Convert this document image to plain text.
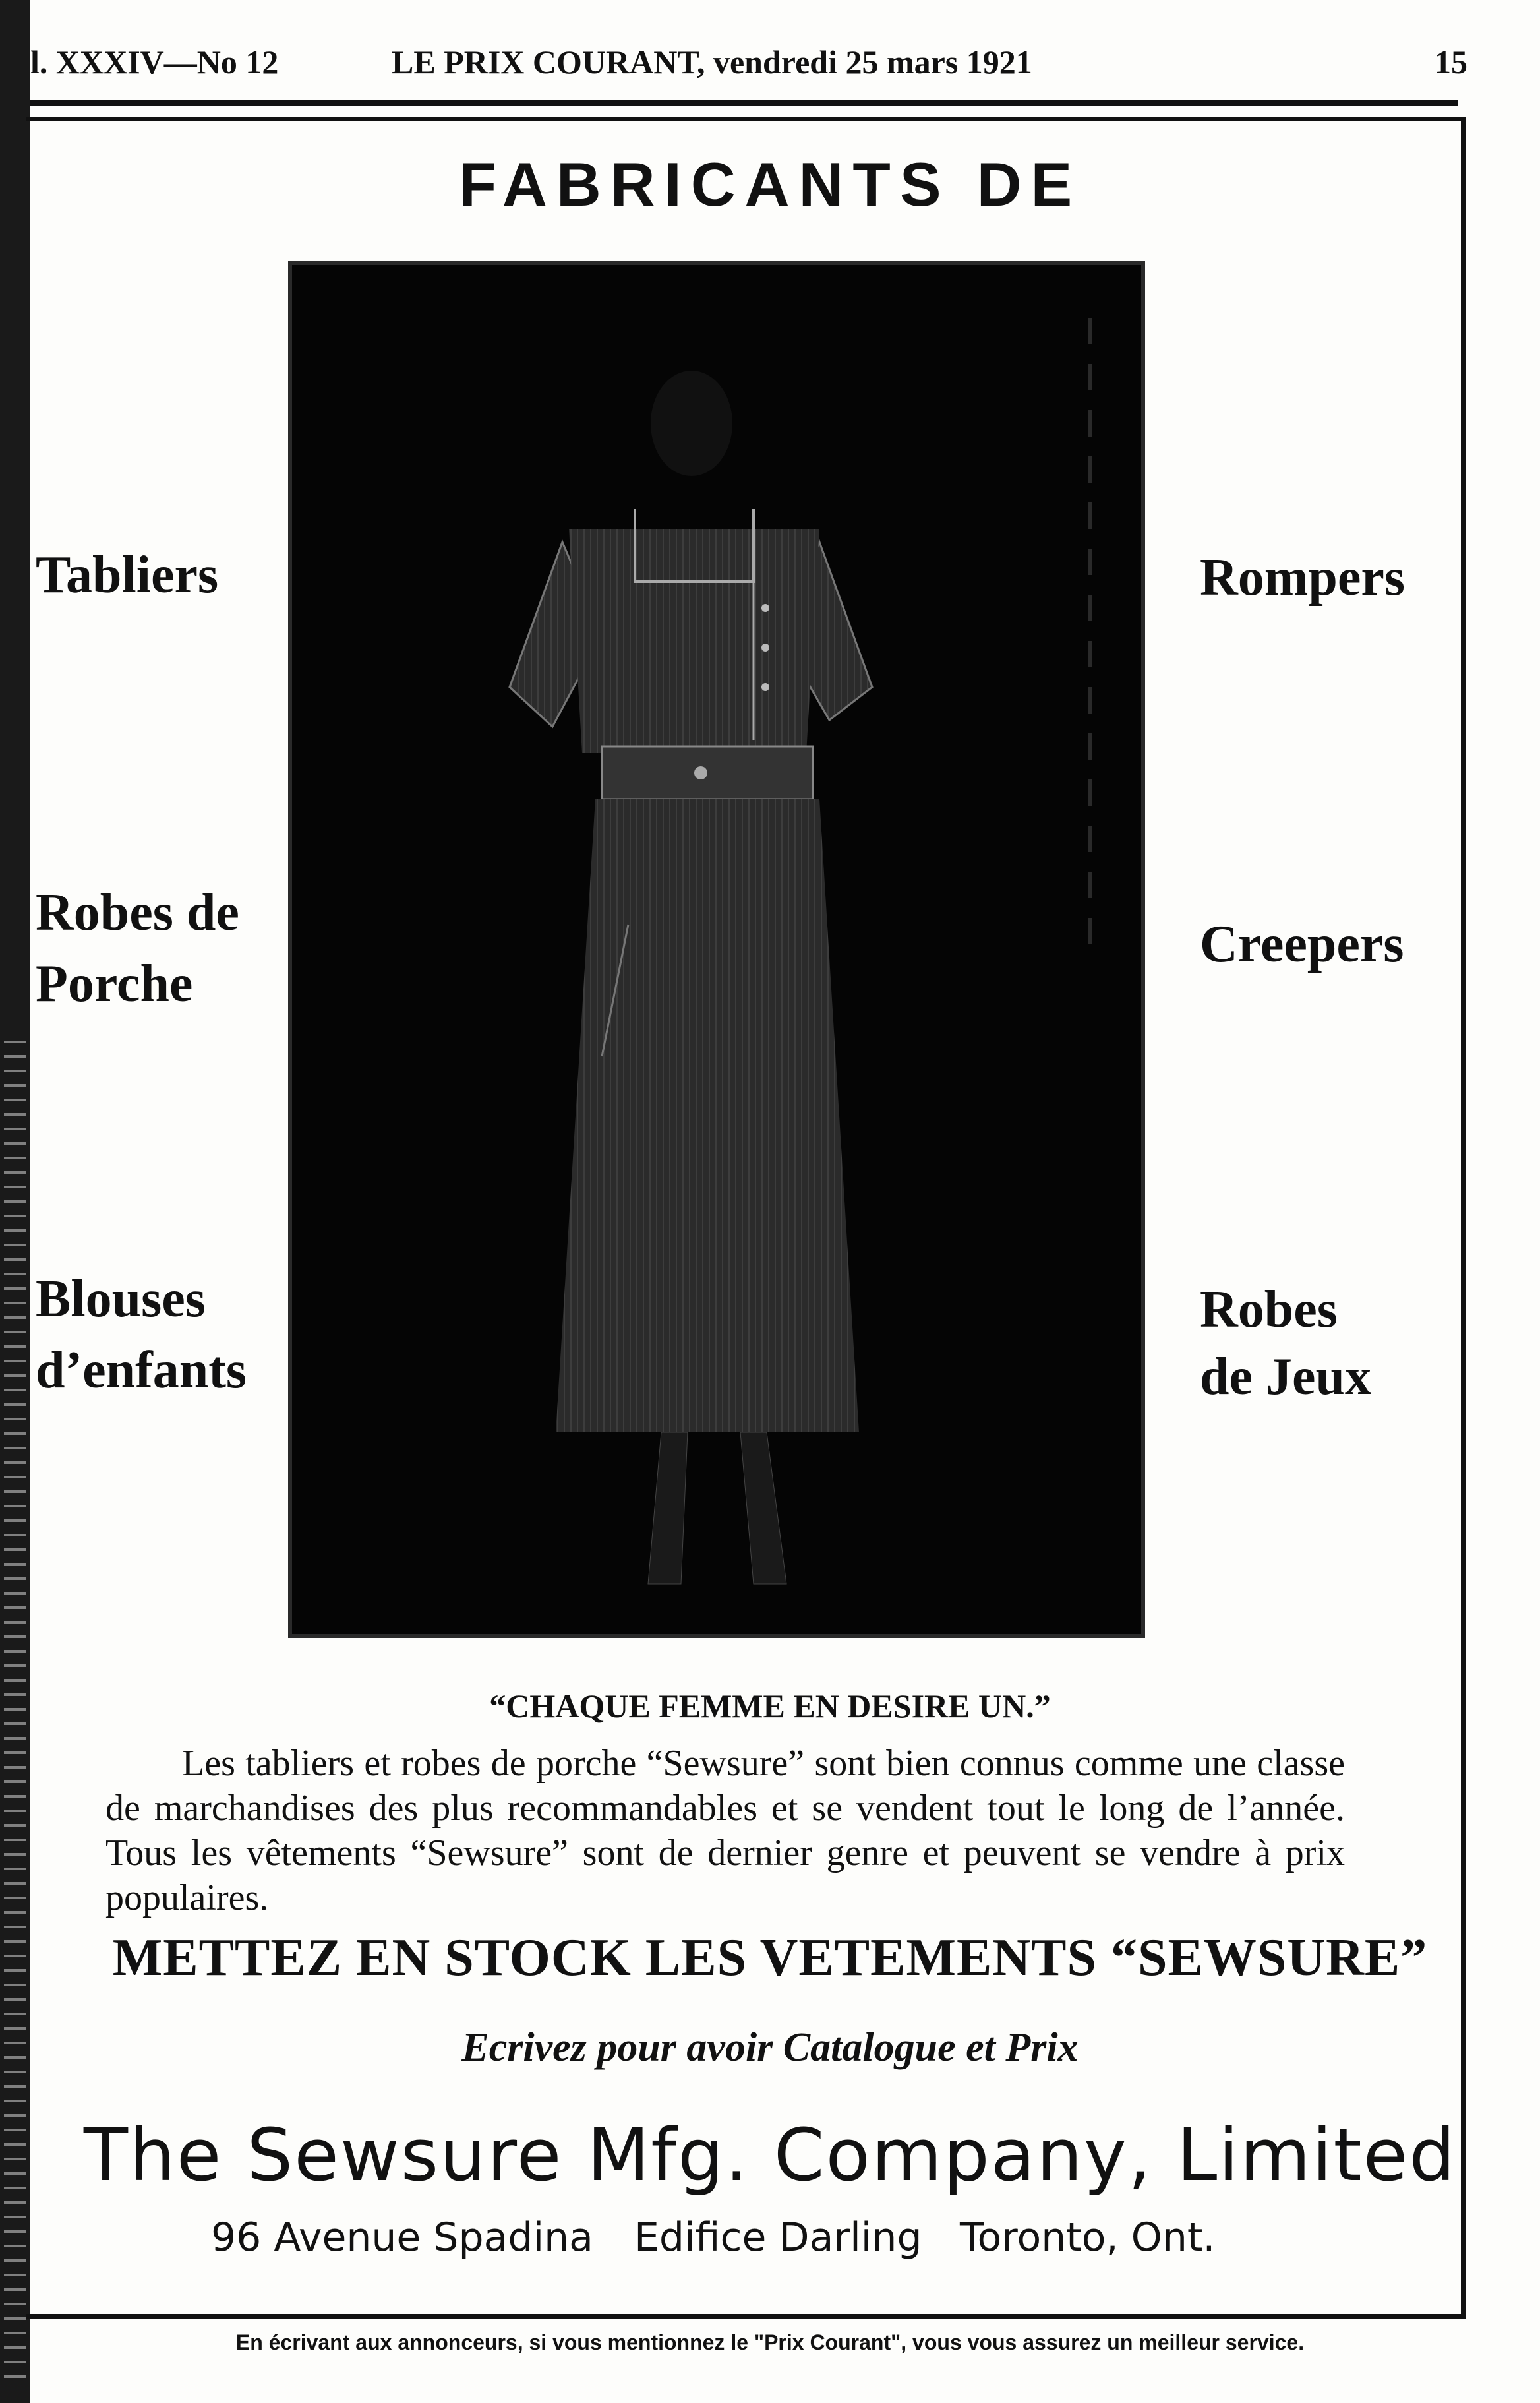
l. XXXIV—No 12	LE PRIX COURANT, vendredi 25 mars 1921	15
FABRICANTS DE
Tabliers
Robes de
Porche
Blouses
d’enfants
Rompers
Creepers
Robes
de Jeux
“CHAQUE FEMME EN DESIRE UN.”
Les tabliers et robes de porche “Sewsure” sont bien connus comme une classe de marchandises des plus recommandables et se vendent tout le long de l’année. Tous les vêtements “Sewsure” sont de dernier genre et peuvent se vendre à prix populaires.
METTEZ EN STOCK LES VETEMENTS “SEWSURE”
Ecrivez pour avoir Catalogue et Prix
The Sewsure Mfg. Company, Limited
96 Avenue Spadina Edifice Darling Toronto, Ont.
En écrivant aux annonceurs, si vous mentionnez le "Prix Courant", vous vous assurez un meilleur service.
